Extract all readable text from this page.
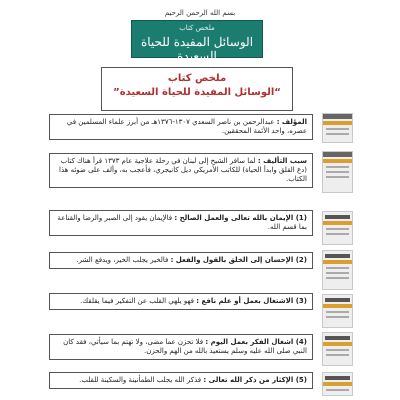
بسم الله الرحمن الرحيم
ملخص كتاب
الوسائل المفيدة للحياة السعيدة
ملخص كتاب
“الوسائل المفيدة للحياة السعيدة”
المؤلف : عبدالرحمن بن ناصر السعدي ١٣٠٧-١٣٧٦هـ من أبرز علماء المسلمين في عصره، واحد الأئمة المحققين.
سبب التأليف : لما سافر الشيخ إلى لبنان في رحلة علاجية عام ١٣٧٣ قرأ هناك كتاب (دع القلق وابدأ الحياة) للكاتب الأمريكي ديل كانيجري، فأعجب به، وألف على ضوئه هذا الكتاب.
(1) الإيمان بالله تعالى والعمل الصالح : فالإيمان يقود إلى الصبر والرضا والقناعة بما قسم الله.
(2) الإحسان إلى الخلق بالقول والفعل : فالخير يجلب الخير، ويدفع الشر.
(3) الاشتغال بعمل أو علم نافع : فهو يلهي القلب عن التفكير فيما يقلقك.
(4) اشغال الفكر بعمل اليوم : فلا تحزن عما مضى، ولا تهتم بما سيأتي، فقد كان النبي صلى الله عليه وسلم يستعيذ بالله من الهم والحزن.
(5) الإكثار من ذكر الله تعالى : فذكر الله يجلب الطمأنينة والسكينة للقلب.
